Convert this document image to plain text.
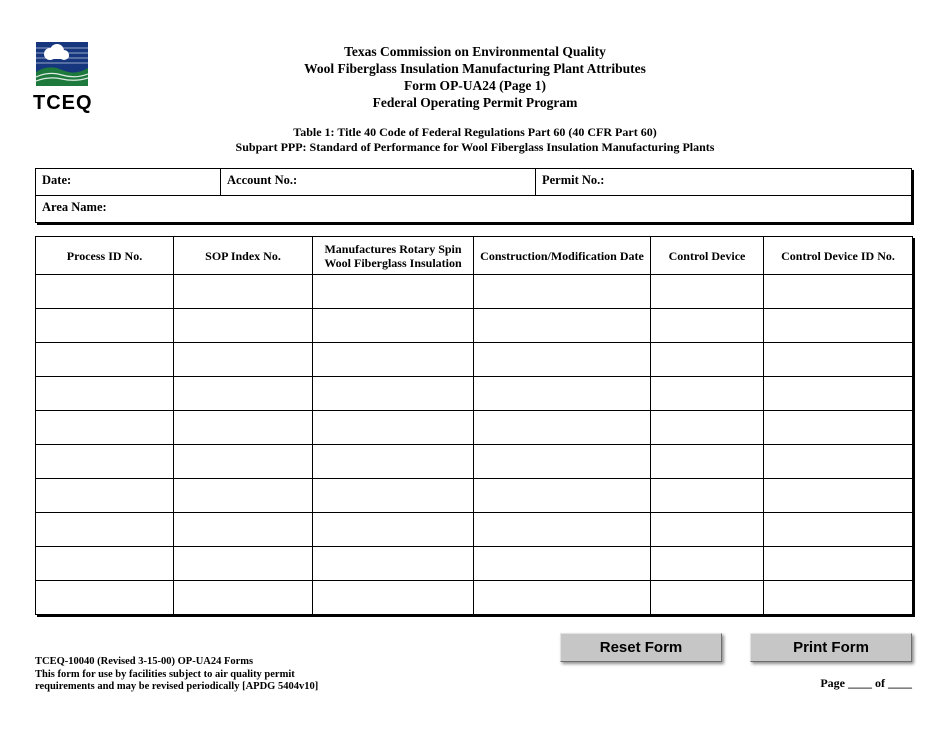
TCEQ
Texas Commission on Environmental Quality
Wool Fiberglass Insulation Manufacturing Plant Attributes
Form OP-UA24 (Page 1)
Federal Operating Permit Program
Table 1: Title 40 Code of Federal Regulations Part 60 (40 CFR Part 60)
Subpart PPP: Standard of Performance for Wool Fiberglass Insulation Manufacturing Plants
Date:	Account No.:	Permit No.:
Area Name:
Process ID No.	SOP Index No.	Manufactures Rotary Spin Wool Fiberglass Insulation	Construction/Modification Date	Control Device	Control Device ID No.

Reset Form	Print Form
TCEQ-10040 (Revised 3-15-00) OP-UA24 Forms
This form for use by facilities subject to air quality permit
requirements and may be revised periodically [APDG 5404v10]	Page ____ of ____
